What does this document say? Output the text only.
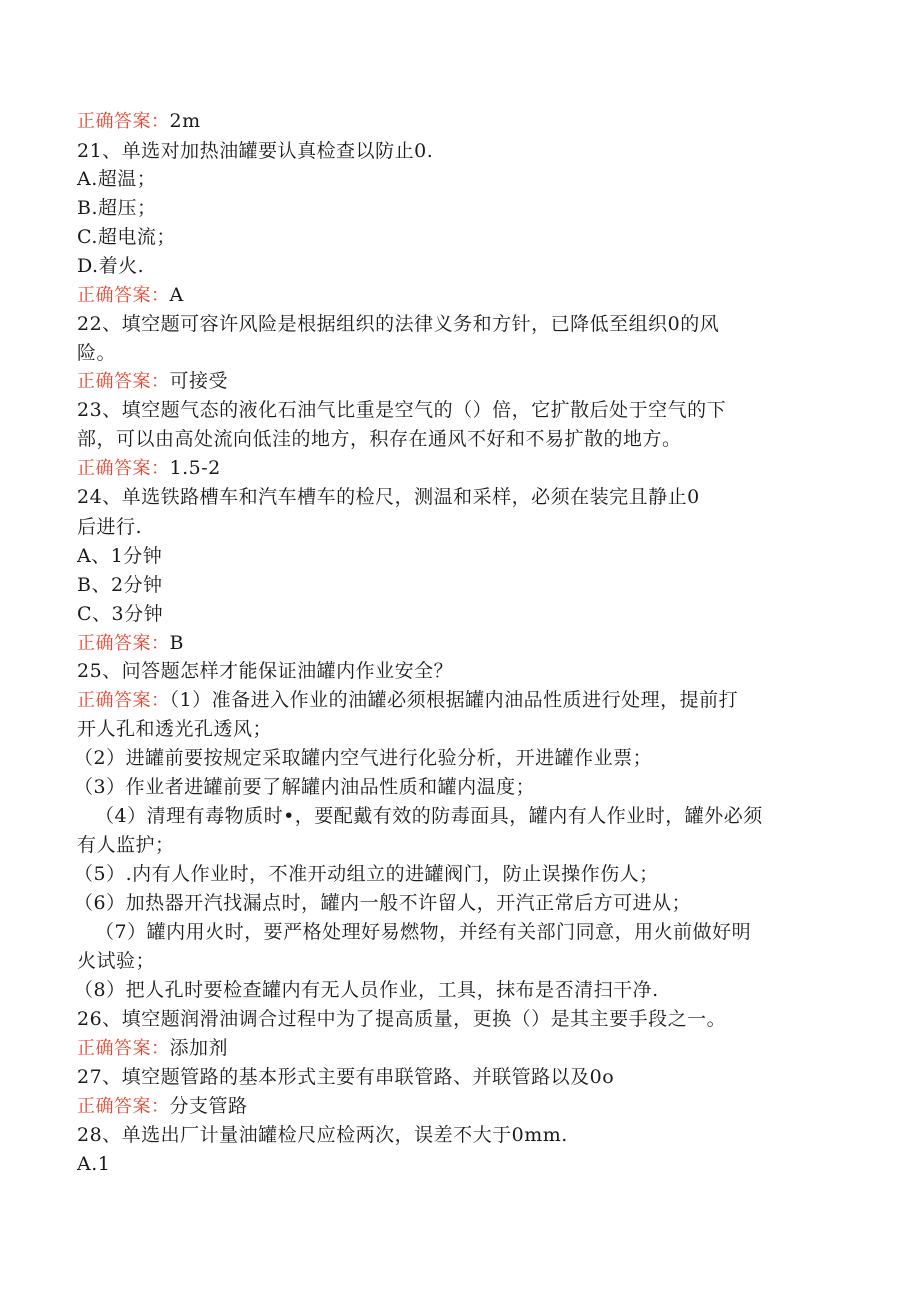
正确答案：2m
21、单选对加热油罐要认真检查以防止0.
A.超温；
B.超压；
C.超电流；
D.着火.
正确答案：A
22、填空题可容许风险是根据组织的法律义务和方针，已降低至组织0的风
险。
正确答案：可接受
23、填空题气态的液化石油气比重是空气的（）倍，它扩散后处于空气的下
部，可以由高处流向低洼的地方，积存在通风不好和不易扩散的地方。
正确答案：1.5-2
24、单选铁路槽车和汽车槽车的检尺，测温和采样，必须在装完且静止0
后进行.
A、1分钟
B、2分钟
C、3分钟
正确答案：B
25、问答题怎样才能保证油罐内作业安全？
正确答案：（1）准备进入作业的油罐必须根据罐内油品性质进行处理，提前打
开人孔和透光孔透风；
（2）进罐前要按规定采取罐内空气进行化验分析，开进罐作业票；
（3）作业者进罐前要了解罐内油品性质和罐内温度；
（4）清理有毒物质时•，要配戴有效的防毒面具，罐内有人作业时，罐外必须
有人监护；
（5）.内有人作业时，不准开动组立的进罐阀门，防止误操作伤人；
（6）加热器开汽找漏点时，罐内一般不许留人，开汽正常后方可进从；
（7）罐内用火时，要严格处理好易燃物，并经有关部门同意，用火前做好明
火试验；
（8）把人孔时要检查罐内有无人员作业，工具，抹布是否清扫干净.
26、填空题润滑油调合过程中为了提高质量，更换（）是其主要手段之一。
正确答案：添加剂
27、填空题管路的基本形式主要有串联管路、并联管路以及0o
正确答案：分支管路
28、单选出厂计量油罐检尺应检两次，误差不大于0mm.
A.1
